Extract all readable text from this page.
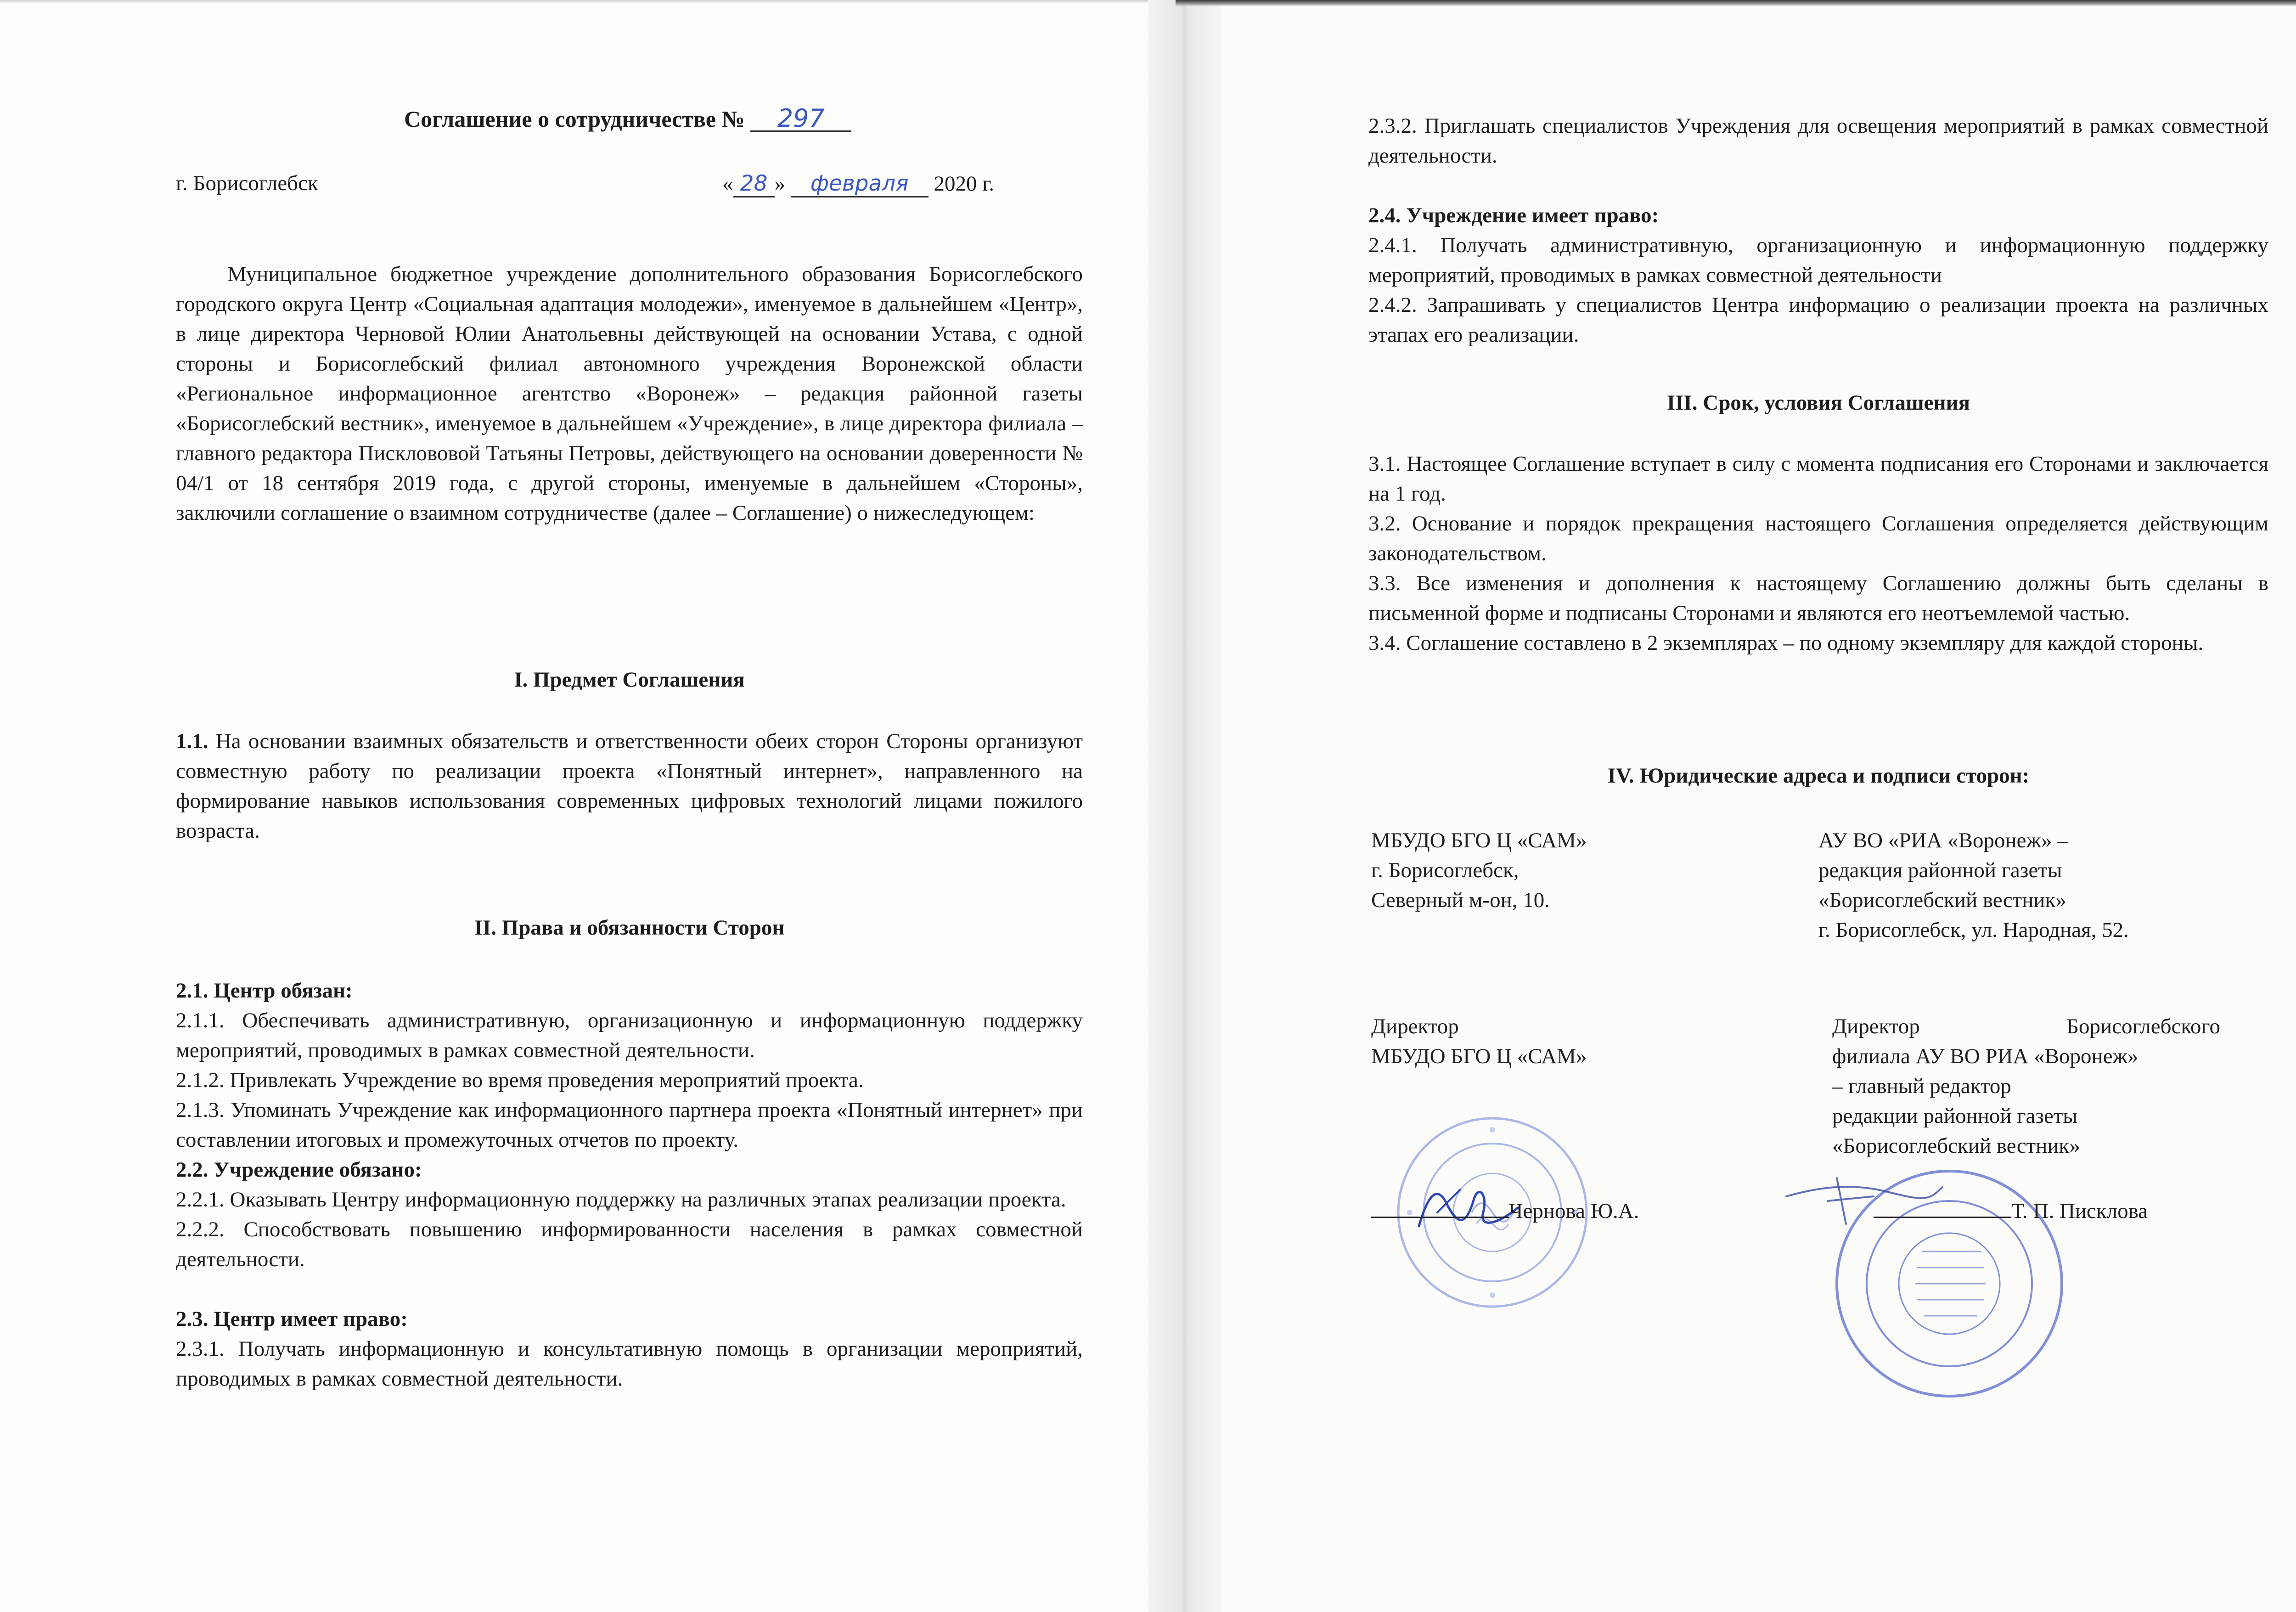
Соглашение о сотрудничестве № 297
г. Борисоглебск	« 28 » февраля 2020 г.

Муниципальное бюджетное учреждение дополнительного образования Борисоглебского городского округа Центр «Социальная адаптация молодежи», именуемое в дальнейшем «Центр», в лице директора Черновой Юлии Анатольевны действующей на основании Устава, с одной стороны и Борисоглебский филиал автономного учреждения Воронежской области «Региональное информационное агентство «Воронеж» – редакция районной газеты «Борисоглебский вестник», именуемое в дальнейшем «Учреждение», в лице директора филиала – главного редактора Писклововой Татьяны Петровы, действующего на основании доверенности № 04/1 от 18 сентября 2019 года, с другой стороны, именуемые в дальнейшем «Стороны», заключили соглашение о взаимном сотрудничестве (далее – Соглашение) о нижеследующем:

I. Предмет Соглашения

1.1. На основании взаимных обязательств и ответственности обеих сторон Стороны организуют совместную работу по реализации проекта «Понятный интернет», направленного на формирование навыков использования современных цифровых технологий лицами пожилого возраста.

II. Права и обязанности Сторон

2.1. Центр обязан:

2.1.1. Обеспечивать административную, организационную и информационную поддержку мероприятий, проводимых в рамках совместной деятельности.

2.1.2. Привлекать Учреждение во время проведения мероприятий проекта.

2.1.3. Упоминать Учреждение как информационного партнера проекта «Понятный интернет» при составлении итоговых и промежуточных отчетов по проекту.

2.2. Учреждение обязано:

2.2.1. Оказывать Центру информационную поддержку на различных этапах реализации проекта.

2.2.2. Способствовать повышению информированности населения в рамках совместной деятельности.

2.3. Центр имеет право:

2.3.1. Получать информационную и консультативную помощь в организации мероприятий, проводимых в рамках совместной деятельности.

2.3.2. Приглашать специалистов Учреждения для освещения мероприятий в рамках совместной деятельности.

2.4. Учреждение имеет право:

2.4.1. Получать административную, организационную и информационную поддержку мероприятий, проводимых в рамках совместной деятельности

2.4.2. Запрашивать у специалистов Центра информацию о реализации проекта на различных этапах его реализации.

III. Срок, условия Соглашения

3.1. Настоящее Соглашение вступает в силу с момента подписания его Сторонами и заключается на 1 год.

3.2. Основание и порядок прекращения настоящего Соглашения определяется действующим законодательством.

3.3. Все изменения и дополнения к настоящему Соглашению должны быть сделаны в письменной форме и подписаны Сторонами и являются его неотъемлемой частью.

3.4. Соглашение составлено в 2 экземплярах – по одному экземпляру для каждой стороны.

IV. Юридические адреса и подписи сторон:

МБУДО БГО Ц «САМ»

г. Борисоглебск,

Северный м-он, 10.

АУ ВО «РИА «Воронеж» –

редакция районной газеты

«Борисоглебский вестник»

г. Борисоглебск, ул. Народная, 52.

Директор

МБУДО БГО Ц «САМ»

Директор Борисоглебского

филиала АУ ВО РИА «Воронеж»

– главный редактор

редакции районной газеты

«Борисоглебский вестник»

Чернова Ю.А.	Т. П. Писклова
